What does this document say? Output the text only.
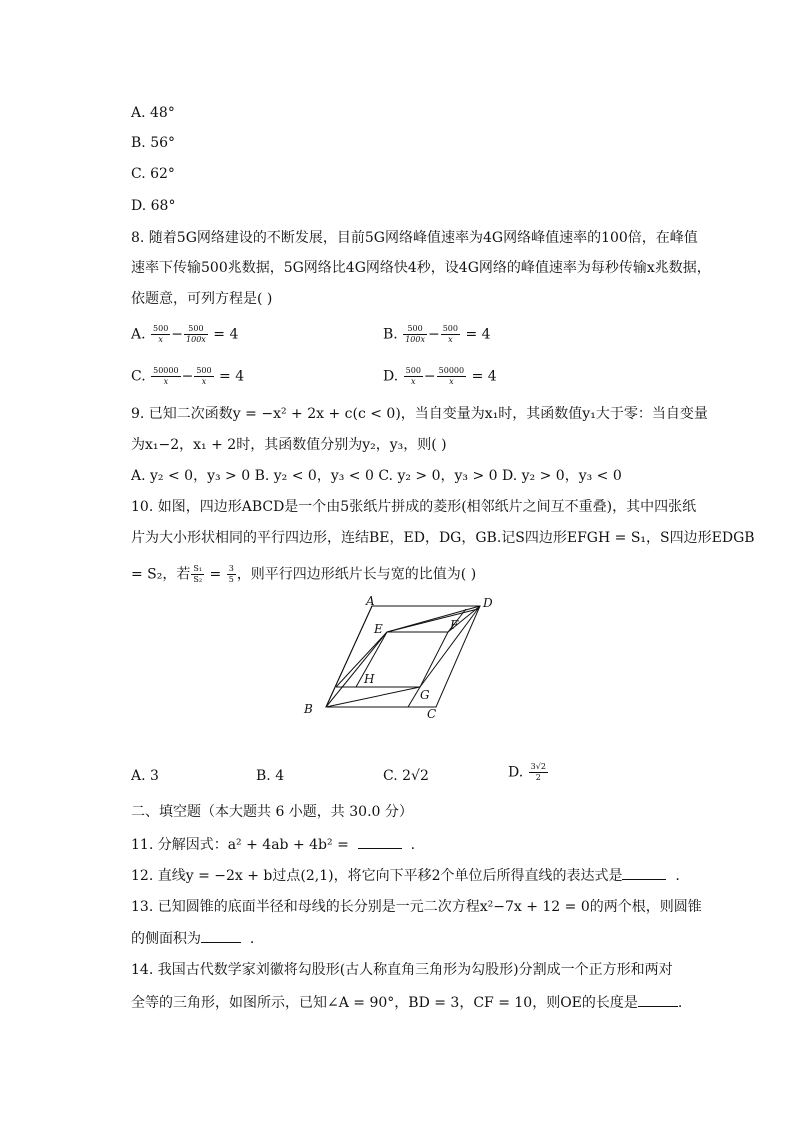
A. 48°
B. 56°
C. 62°
D. 68°
8. 随着5G网络建设的不断发展，目前5G网络峰值速率为4G网络峰值速率的100倍，在峰值
速率下传输500兆数据，5G网络比4G网络快4秒，设4G网络的峰值速率为每秒传输x兆数据，
依题意，可列方程是( )
A. $\frac{500}{x} - \frac{500}{100x} = 4$	B. $\frac{500}{100x} - \frac{500}{x} = 4$
C. $\frac{50000}{x} - \frac{500}{x} = 4$	D. $\frac{500}{x} - \frac{50000}{x} = 4$
9. 已知二次函数y = −x² + 2x + c(c < 0)，当自变量为x₁时，其函数值y₁大于零：当自变量
为x₁−2，x₁ + 2时，其函数值分别为y₂，y₃，则( )
A. y₂ < 0，y₃ > 0 B. y₂ < 0，y₃ < 0 C. y₂ > 0，y₃ > 0 D. y₂ > 0，y₃ < 0
10. 如图，四边形ABCD是一个由5张纸片拼成的菱形(相邻纸片之间互不重叠)，其中四张纸
片为大小形状相同的平行四边形，连结BE，ED，DG，GB.记S四边形EFGH = S₁，S四边形EDGB
= S₂，若 $\frac{\text{S₁}}{\text{S₂}} = \frac{3}{5}$ ，则平行四边形纸片长与宽的比值为( )
A	D
E	F
H
G
B	C
A. 3	B. 4	C. 2√2	D. $\frac{3√2}{2}$
二、填空题（本大题共 6 小题，共 30.0 分）
11. 分解因式：a² + 4ab + 4b² =	.
12. 直线y = −2x + b过点(2,1)，将它向下平移2个单位后所得直线的表达式是	.
13. 已知圆锥的底面半径和母线的长分别是一元二次方程x²−7x + 12 = 0的两个根，则圆锥
的侧面积为	.
14. 我国古代数学家刘徽将勾股形(古人称直角三角形为勾股形)分割成一个正方形和两对
全等的三角形，如图所示，已知∠A = 90°，BD = 3，CF = 10，则OE的长度是	.
